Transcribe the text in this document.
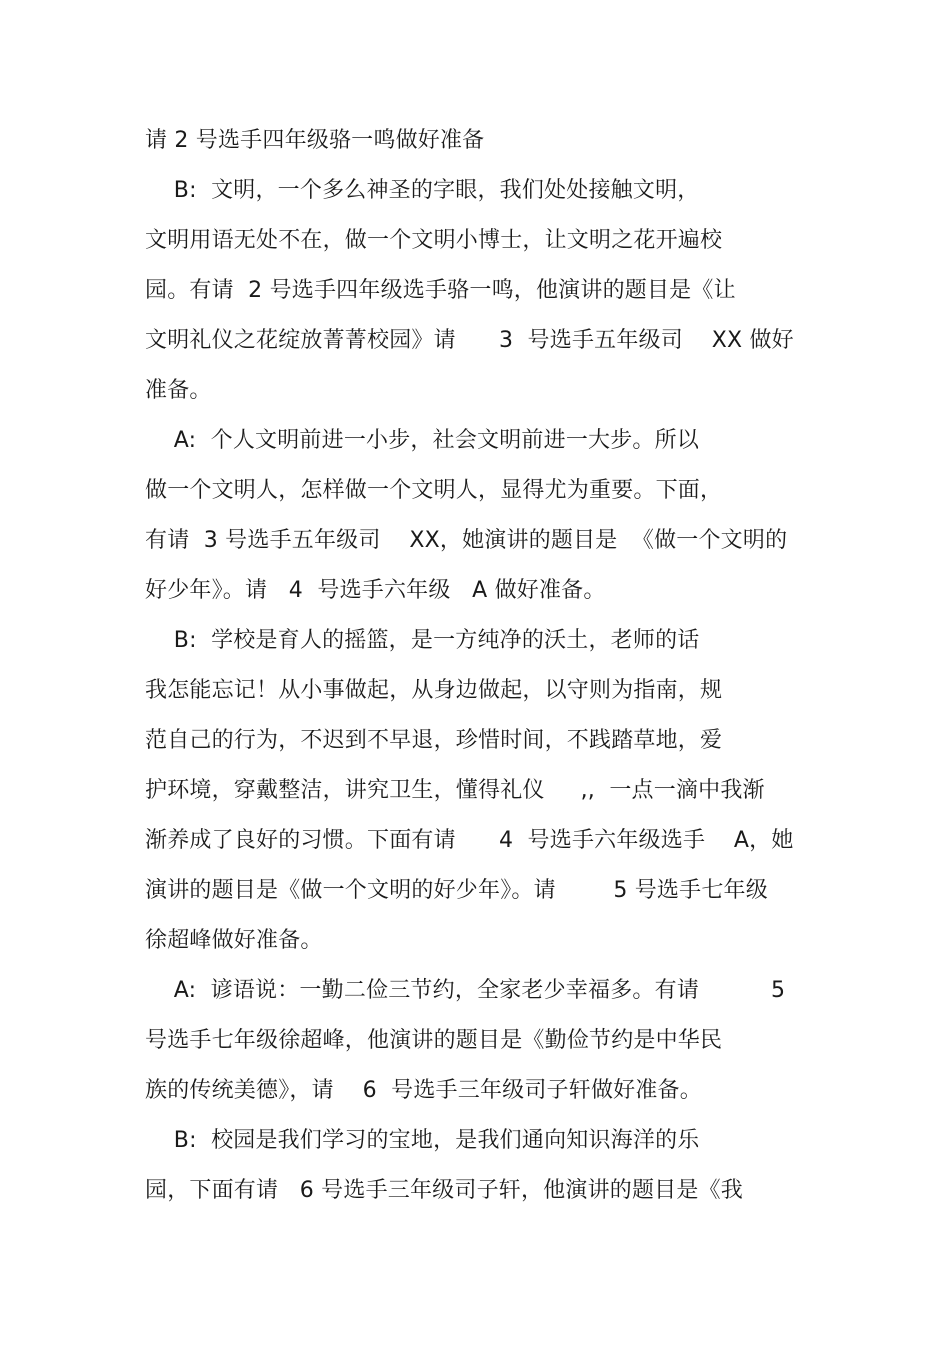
请 2 号选手四年级骆一鸣做好准备
B:  文明，一个多么神圣的字眼，我们处处接触文明，
文明用语无处不在，做一个文明小博士，让文明之花开遍校
园。有请  2 号选手四年级选手骆一鸣，他演讲的题目是《让
文明礼仪之花绽放菁菁校园》请      3  号选手五年级司    XX 做好
准备。
A:  个人文明前进一小步，社会文明前进一大步。所以
做一个文明人，怎样做一个文明人，显得尤为重要。下面，
有请  3 号选手五年级司    XX，她演讲的题目是  《做一个文明的
好少年》。请   4  号选手六年级   A 做好准备。
B:  学校是育人的摇篮，是一方纯净的沃土，老师的话
我怎能忘记！从小事做起，从身边做起，以守则为指南，规
范自己的行为，不迟到不早退，珍惜时间，不践踏草地，爱
护环境，穿戴整洁，讲究卫生，懂得礼仪     ,,  一点一滴中我渐
渐养成了良好的习惯。下面有请      4  号选手六年级选手    A，她
演讲的题目是《做一个文明的好少年》。请        5 号选手七年级
徐超峰做好准备。
A:  谚语说：一勤二俭三节约，全家老少幸福多。有请          5
号选手七年级徐超峰，他演讲的题目是《勤俭节约是中华民
族的传统美德》，请    6  号选手三年级司子轩做好准备。
B:  校园是我们学习的宝地，是我们通向知识海洋的乐
园，下面有请   6 号选手三年级司子轩，他演讲的题目是《我
